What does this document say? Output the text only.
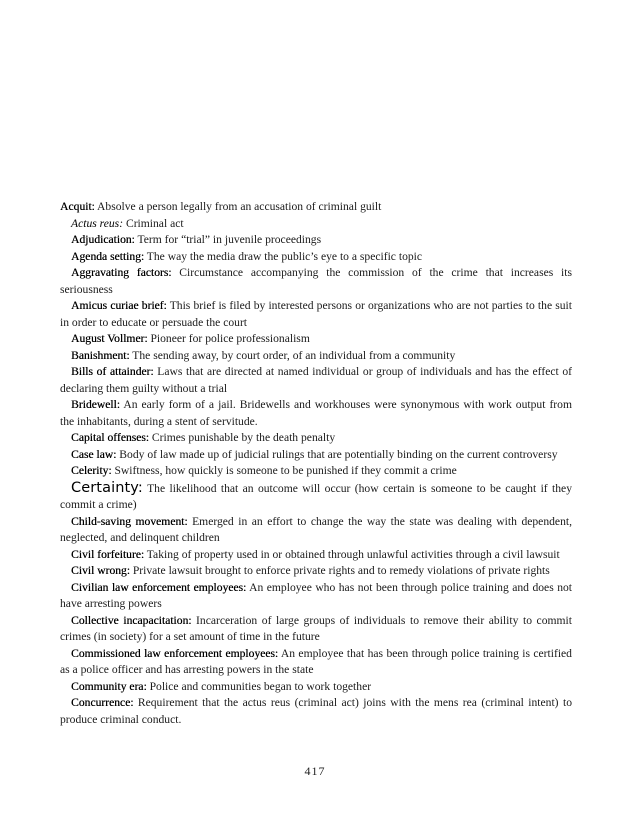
Acquit: Absolve a person legally from an accusation of criminal guilt

Actus reus: Criminal act

Adjudication: Term for “trial” in juvenile proceedings

Agenda setting: The way the media draw the public’s eye to a specific topic

Aggravating factors: Circumstance accompanying the commission of the crime that increases its seriousness

Amicus curiae brief: This brief is filed by interested persons or organizations who are not parties to the suit in order to educate or persuade the court

August Vollmer: Pioneer for police professionalism

Banishment: The sending away, by court order, of an individual from a community

Bills of attainder: Laws that are directed at named individual or group of individuals and has the effect of declaring them guilty without a trial

Bridewell: An early form of a jail. Bridewells and workhouses were synonymous with work output from the inhabitants, during a stent of servitude.

Capital offenses: Crimes punishable by the death penalty

Case law: Body of law made up of judicial rulings that are potentially binding on the current controversy

Celerity: Swiftness, how quickly is someone to be punished if they commit a crime

Certainty: The likelihood that an outcome will occur (how certain is someone to be caught if they commit a crime)

Child-saving movement: Emerged in an effort to change the way the state was dealing with dependent, neglected, and delinquent children

Civil forfeiture: Taking of property used in or obtained through unlawful activities through a civil lawsuit

Civil wrong: Private lawsuit brought to enforce private rights and to remedy violations of private rights

Civilian law enforcement employees: An employee who has not been through police training and does not have arresting powers

Collective incapacitation: Incarceration of large groups of individuals to remove their ability to commit crimes (in society) for a set amount of time in the future

Commissioned law enforcement employees: An employee that has been through police training is certified as a police officer and has arresting powers in the state

Community era: Police and communities began to work together

Concurrence: Requirement that the actus reus (criminal act) joins with the mens rea (criminal intent) to produce criminal conduct.

417
